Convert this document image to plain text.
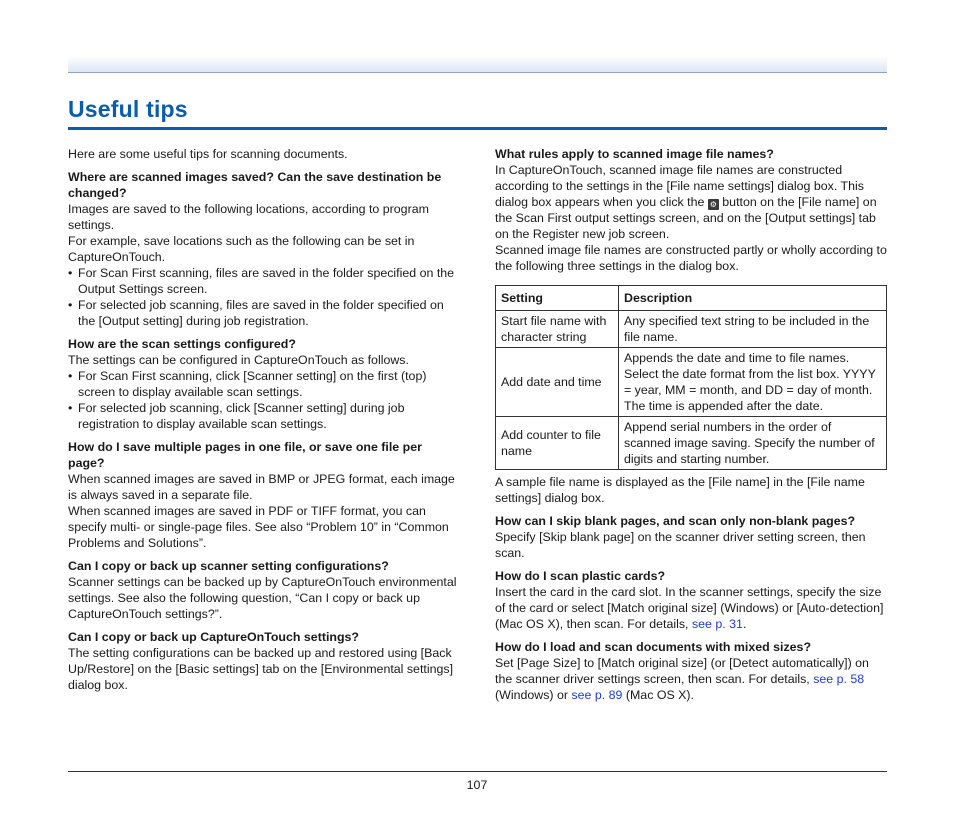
Useful tips

Here are some useful tips for scanning documents.

Where are scanned images saved? Can the save destination be changed?

Images are saved to the following locations, according to program settings.

For example, save locations such as the following can be set in CaptureOnTouch.

• For Scan First scanning, files are saved in the folder specified on the Output Settings screen.
• For selected job scanning, files are saved in the folder specified on the [Output setting] during job registration.

How are the scan settings configured?

The settings can be configured in CaptureOnTouch as follows.

• For Scan First scanning, click [Scanner setting] on the first (top) screen to display available scan settings.
• For selected job scanning, click [Scanner setting] during job registration to display available scan settings.

How do I save multiple pages in one file, or save one file per page?

When scanned images are saved in BMP or JPEG format, each image is always saved in a separate file.

When scanned images are saved in PDF or TIFF format, you can specify multi- or single-page files. See also “Problem 10” in “Common Problems and Solutions”.

Can I copy or back up scanner setting configurations?

Scanner settings can be backed up by CaptureOnTouch environmental settings. See also the following question, “Can I copy or back up CaptureOnTouch settings?”.

Can I copy or back up CaptureOnTouch settings?

The setting configurations can be backed up and restored using [Back Up/Restore] on the [Basic settings] tab on the [Environmental settings] dialog box.

What rules apply to scanned image file names?

In CaptureOnTouch, scanned image file names are constructed according to the settings in the [File name settings] dialog box. This dialog box appears when you click the ⚙ button on the [File name] on the Scan First output settings screen, and on the [Output settings] tab on the Register new job screen.

Scanned image file names are constructed partly or wholly according to the following three settings in the dialog box.

Setting	Description
Start file name with character string	Any specified text string to be included in the file name.
Add date and time	Appends the date and time to file names. Select the date format from the list box. YYYY = year, MM = month, and DD = day of month. The time is appended after the date.
Add counter to file name	Append serial numbers in the order of scanned image saving. Specify the number of digits and starting number.

A sample file name is displayed as the [File name] in the [File name settings] dialog box.

How can I skip blank pages, and scan only non-blank pages?

Specify [Skip blank page] on the scanner driver setting screen, then scan.

How do I scan plastic cards?

Insert the card in the card slot. In the scanner settings, specify the size of the card or select [Match original size] (Windows) or [Auto-detection] (Mac OS X), then scan. For details, see p. 31.

How do I load and scan documents with mixed sizes?

Set [Page Size] to [Match original size] (or [Detect automatically]) on the scanner driver settings screen, then scan. For details, see p. 58 (Windows) or see p. 89 (Mac OS X).

107
